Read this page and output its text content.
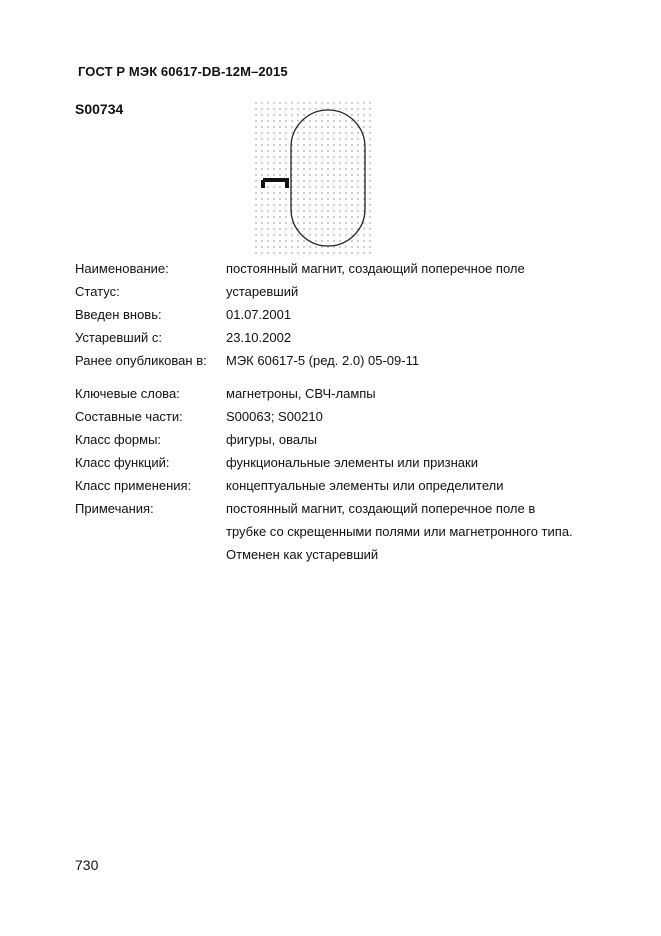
ГОСТ Р МЭК 60617-DB-12M–2015
S00734
Наименование:	постоянный магнит, создающий поперечное поле
Статус:	устаревший
Введен вновь:	01.07.2001
Устаревший с:	23.10.2002
Ранее опубликован в:	МЭК 60617-5 (ред. 2.0) 05-09-11
Ключевые слова:	магнетроны, СВЧ-лампы
Составные части:	S00063; S00210
Класс формы:	фигуры, овалы
Класс функций:	функциональные элементы или признаки
Класс применения:	концептуальные элементы или определители
Примечания:	постоянный магнит, создающий поперечное поле в трубке со скрещенными полями или магнетронного типа. Отменен как устаревший
730
